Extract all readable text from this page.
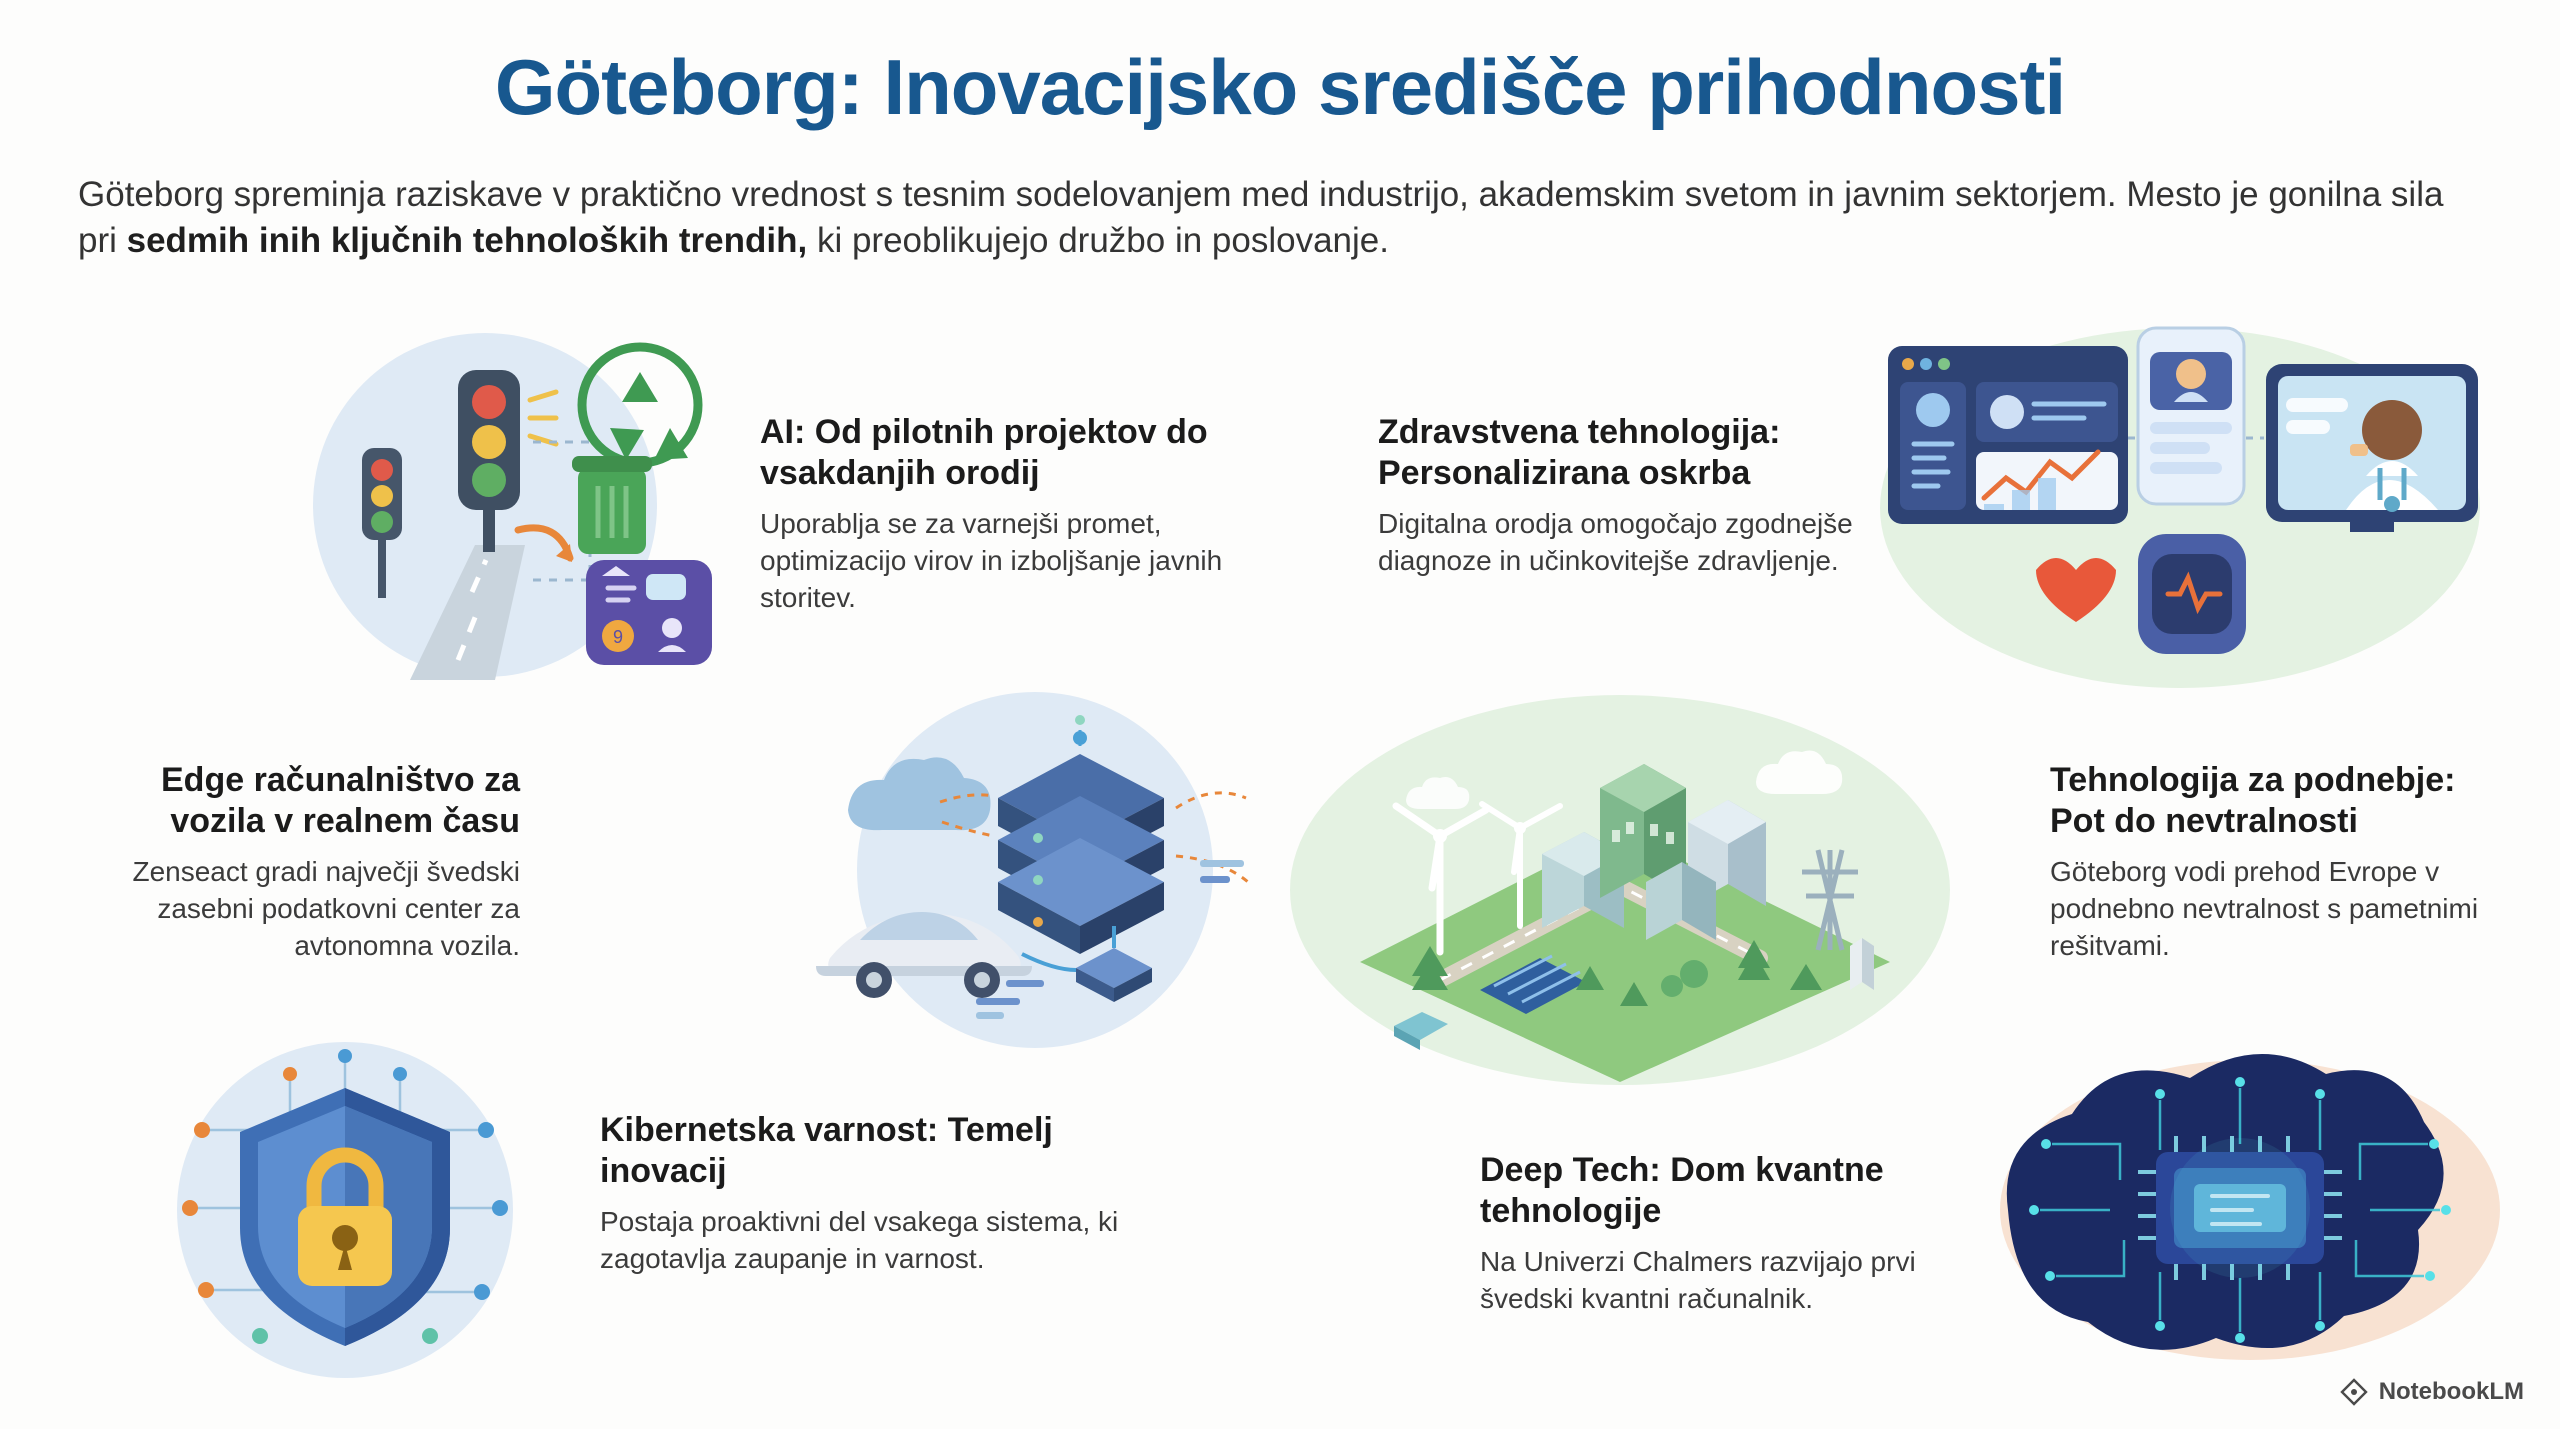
Göteborg: Inovacijsko središče prihodnosti
Göteborg spreminja raziskave v praktično vrednost s tesnim sodelovanjem med industrijo, akademskim svetom in javnim sektorjem. Mesto je gonilna sila pri sedmih inih ključnih tehnoloških trendih, ki preoblikujejo družbo in poslovanje.
9
AI: Od pilotnih projektov do vsakdanjih orodij

Uporablja se za varnejši promet, optimizacijo virov in izboljšanje javnih storitev.

Zdravstvena tehnologija: Personalizirana oskrba

Digitalna orodja omogočajo zgodnejše diagnoze in učinkovitejše zdravljenje.

Edge računalništvo za vozila v realnem času

Zenseact gradi največji švedski zasebni podatkovni center za avtonomna vozila.

Tehnologija za podnebje: Pot do nevtralnosti

Göteborg vodi prehod Evrope v podnebno nevtralnost s pametnimi rešitvami.

Kibernetska varnost: Temelj inovacij

Postaja proaktivni del vsakega sistema, ki zagotavlja zaupanje in varnost.

Deep Tech: Dom kvantne tehnologije

Na Univerzi Chalmers razvijajo prvi švedski kvantni računalnik.

NotebookLM
